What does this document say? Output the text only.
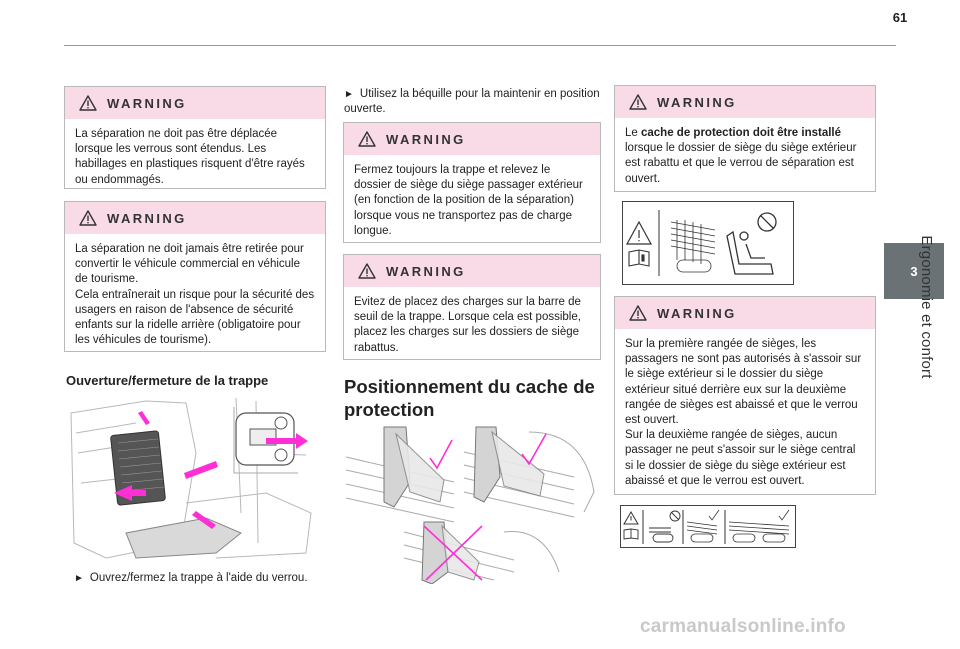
61
3 Ergonomie et confort
WARNING
La séparation ne doit pas être déplacée lorsque les verrous sont étendus. Les habillages en plastiques risquent d'être rayés ou endommagés.
WARNING
La séparation ne doit jamais être retirée pour convertir le véhicule commercial en véhicule de tourisme.
Cela entraînerait un risque pour la sécurité des usagers en raison de l'absence de sécurité enfants sur la ridelle arrière (obligatoire pour les véhicules de tourisme).
Ouverture/fermeture de la trappe
► Ouvrez/fermez la trappe à l'aide du verrou.
► Utilisez la béquille pour la maintenir en position ouverte.
WARNING
Fermez toujours la trappe et relevez le dossier de siège du siège passager extérieur (en fonction de la position de la séparation) lorsque vous ne transportez pas de charge longue.
WARNING
Evitez de placez des charges sur la barre de seuil de la trappe. Lorsque cela est possible, placez les charges sur les dossiers de siège rabattus.
Positionnement du cache de protection
WARNING
Le cache de protection doit être installé lorsque le dossier de siège du siège extérieur est rabattu et que le verrou de séparation est ouvert.
WARNING
Sur la première rangée de sièges, les passagers ne sont pas autorisés à s'assoir sur le siège extérieur si le dossier du siège extérieur situé derrière eux sur la deuxième rangée de sièges est abaissé et que le verrou est ouvert.
Sur la deuxième rangée de sièges, aucun passager ne peut s'assoir sur le siège central si le dossier de siège du siège extérieur est abaissé et que le verrou est ouvert.
carmanualsonline.info
